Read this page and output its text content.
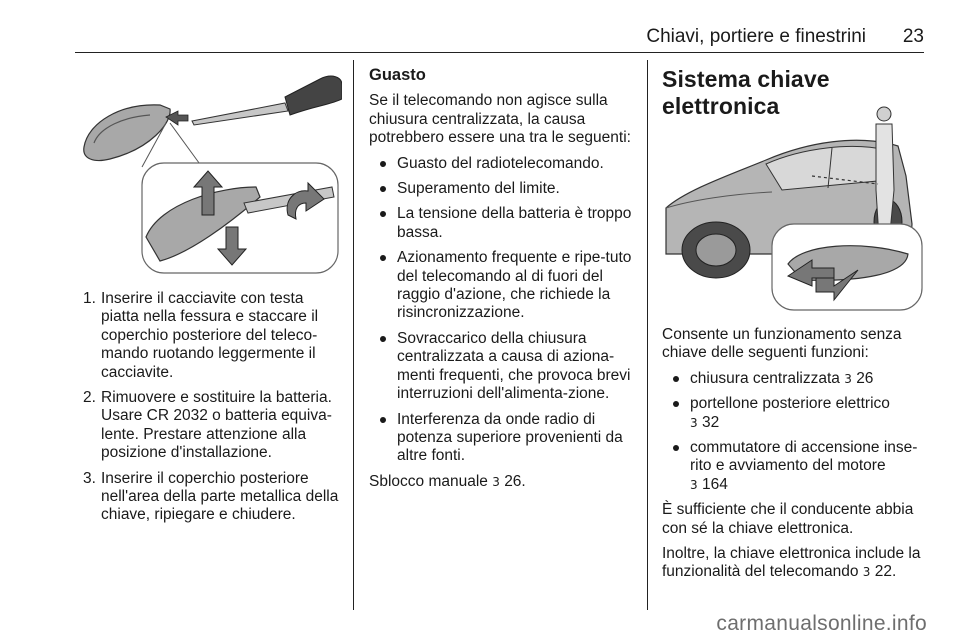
Chiavi, portiere e finestrini 23
1. Inserire il cacciavite con testa piatta nella fessura e staccare il coperchio posteriore del teleco-mando ruotando leggermente il cacciavite.
2. Rimuovere e sostituire la batteria. Usare CR 2032 o batteria equiva-lente. Prestare attenzione alla posizione d'installazione.
3. Inserire il coperchio posteriore nell'area della parte metallica della chiave, ripiegare e chiudere.
Guasto

Se il telecomando non agisce sulla chiusura centralizzata, la causa potrebbero essere una tra le seguenti:

Guasto del radiotelecomando.
Superamento del limite.
La tensione della batteria è troppo bassa.
Azionamento frequente e ripe-tuto del telecomando al di fuori del raggio d'azione, che richiede la risincronizzazione.
Sovraccarico della chiusura centralizzata a causa di aziona-menti frequenti, che provoca brevi interruzioni dell'alimenta-zione.
Interferenza da onde radio di potenza superiore provenienti da altre fonti.

Sblocco manuale 3 26.

Sistema chiave elettronica

Consente un funzionamento senza chiave delle seguenti funzioni:

chiusura centralizzata 3 26
portellone posteriore elettrico
3 32
commutatore di accensione inse-rito e avviamento del motore
3 164

È sufficiente che il conducente abbia con sé la chiave elettronica.

Inoltre, la chiave elettronica include la funzionalità del telecomando 3 22.

carmanualsonline.info
